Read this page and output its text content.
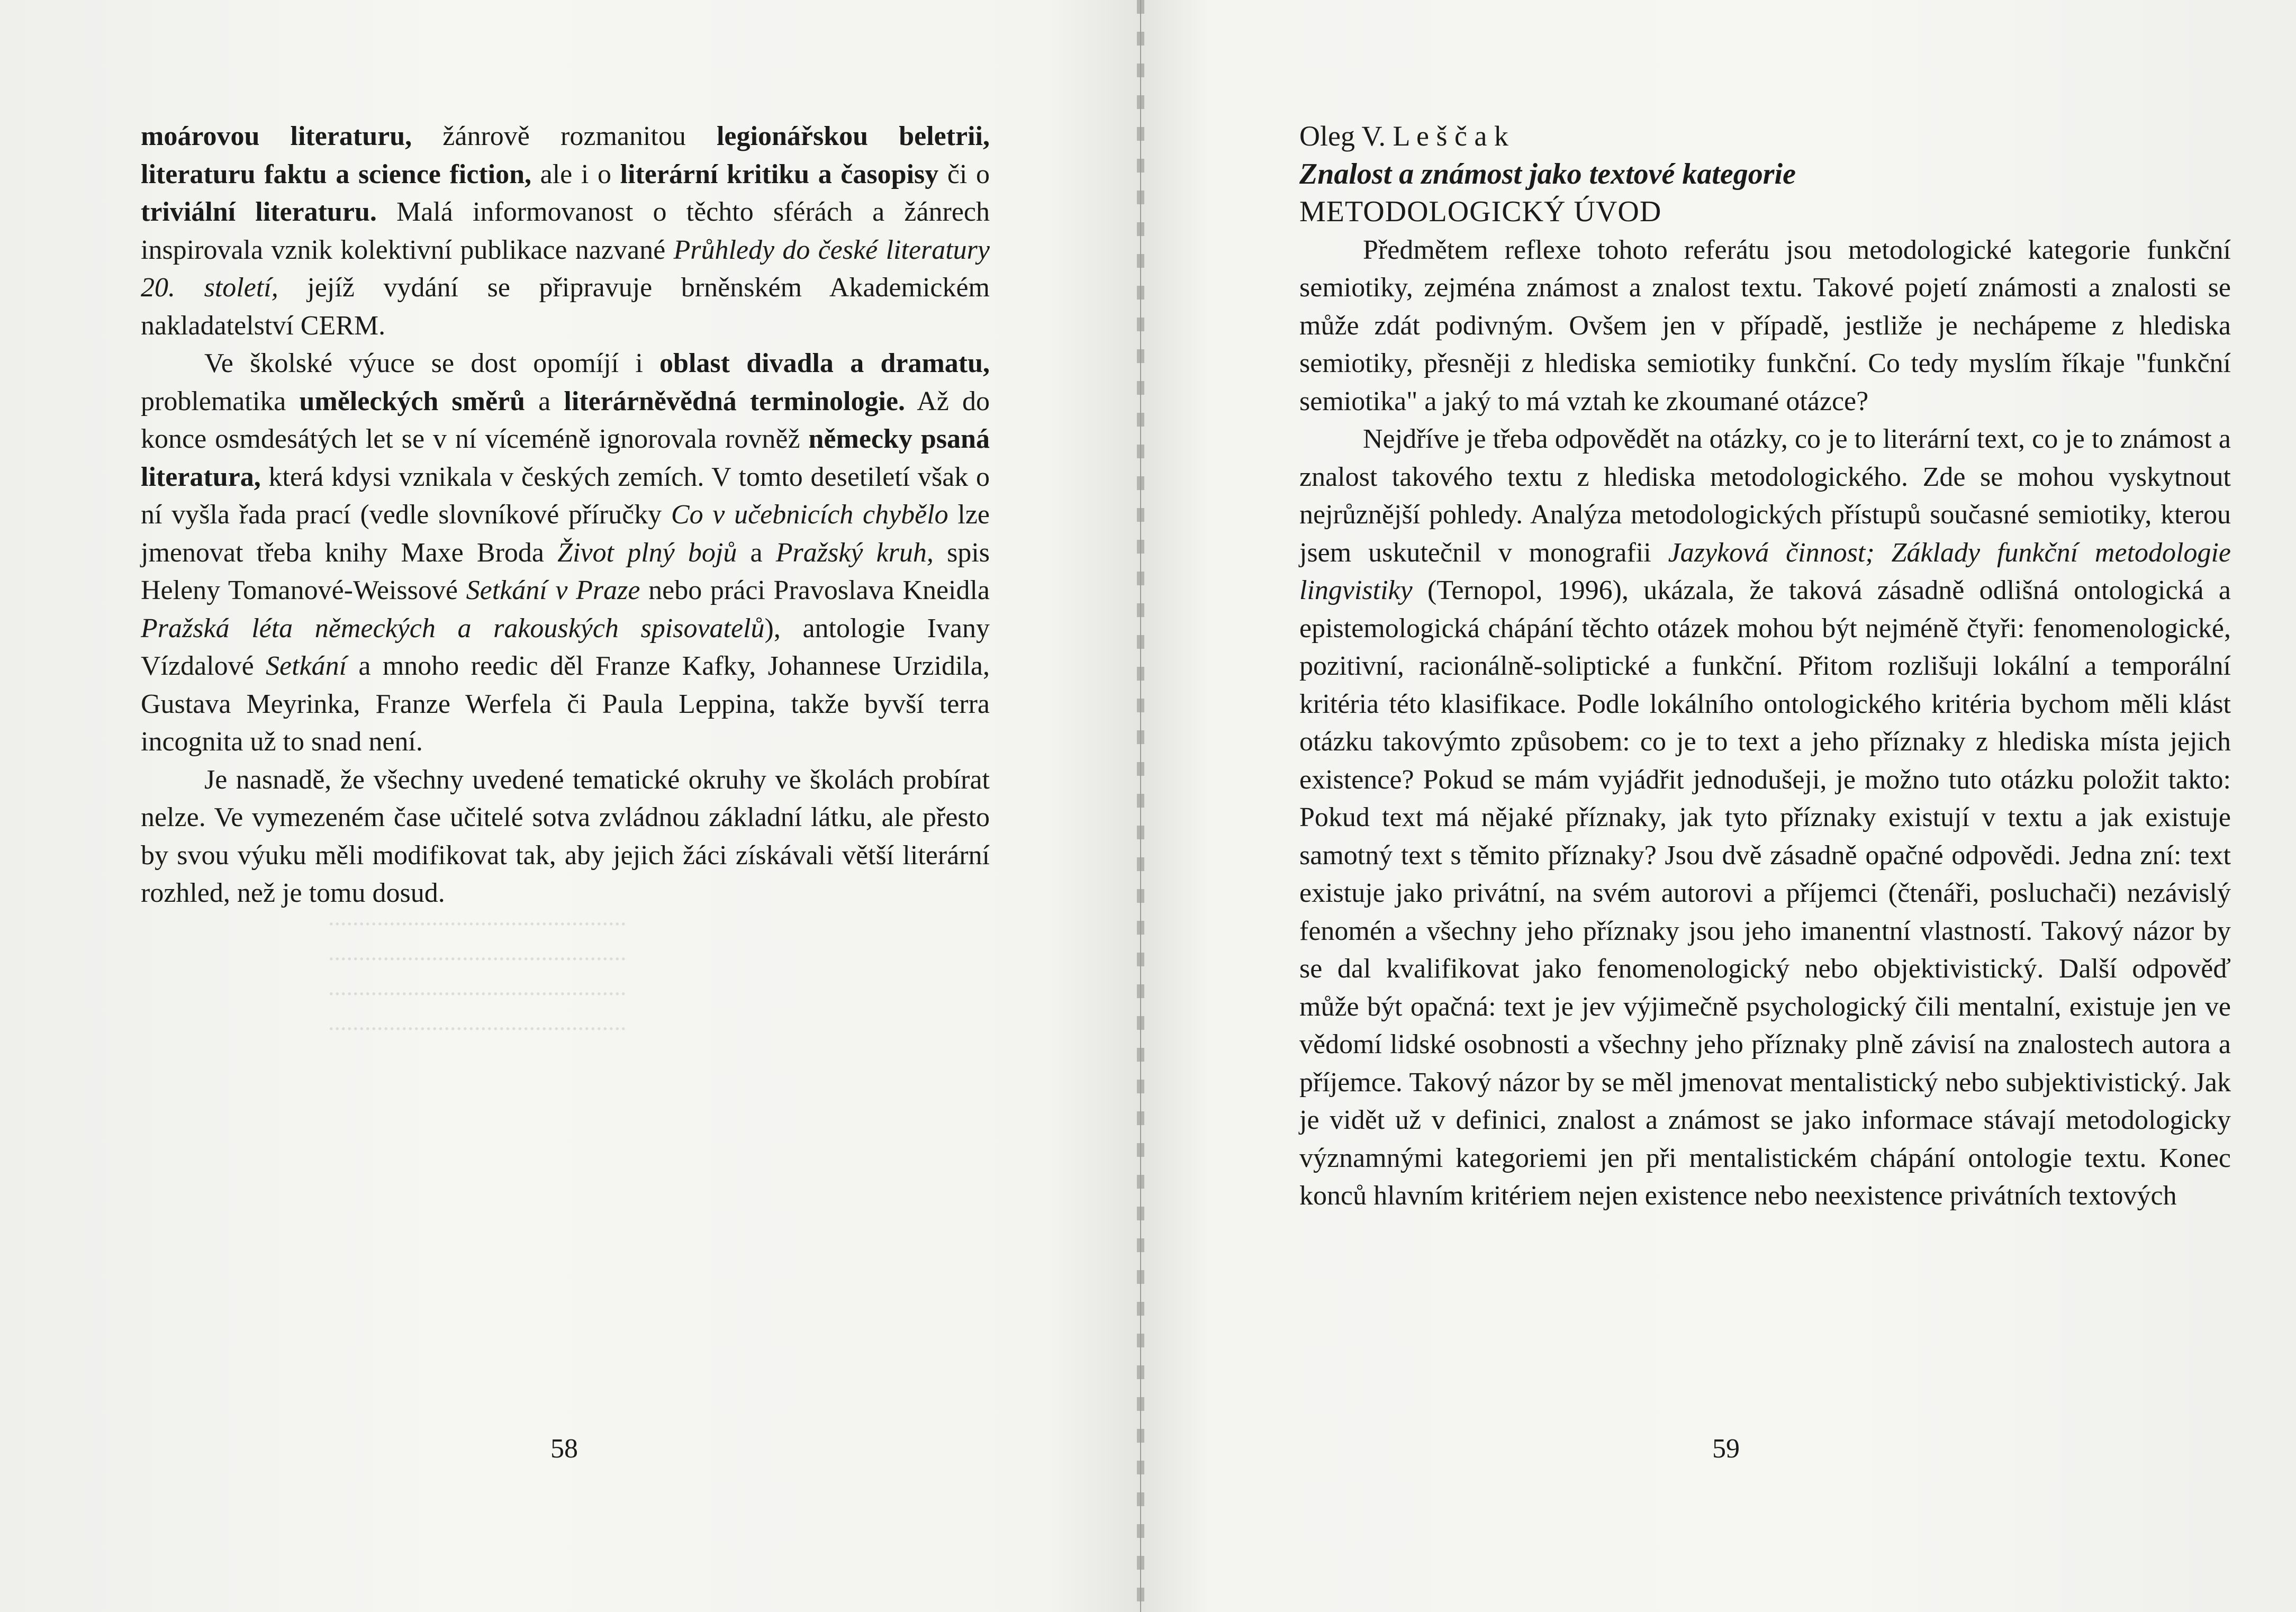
.................................................
.................................................
.................................................
.................................................

moárovou literaturu, žánrově rozmanitou legionářskou beletrii, literaturu faktu a science fiction, ale i o literární kritiku a časopisy či o triviální literaturu. Malá informovanost o těchto sférách a žánrech inspirovala vznik kolektivní publikace nazvané Průhledy do české literatury 20. století, jejíž vydání se připravuje brněnském Akademickém nakladatelství CERM.

Ve školské výuce se dost opomíjí i oblast divadla a dramatu, problematika uměleckých směrů a literárněvědná terminologie. Až do konce osmdesátých let se v ní víceméně ignorovala rovněž německy psaná literatura, která kdysi vznikala v českých zemích. V tomto desetiletí však o ní vyšla řada prací (vedle slovníkové příručky Co v učebnicích chybělo lze jmenovat třeba knihy Maxe Broda Život plný bojů a Pražský kruh, spis Heleny Tomanové-Weissové Setkání v Praze nebo práci Pravoslava Kneidla Pražská léta německých a rakouských spisovatelů), antologie Ivany Vízdalové Setkání a mnoho reedic děl Franze Kafky, Johannese Urzidila, Gustava Meyrinka, Franze Werfela či Paula Leppina, takže byvší terra incognita už to snad není.

Je nasnadě, že všechny uvedené tematické okruhy ve školách probírat nelze. Ve vymezeném čase učitelé sotva zvládnou základní látku, ale přesto by svou výuku měli modifikovat tak, aby jejich žáci získávali větší literární rozhled, než je tomu dosud.

58

Oleg V. L e š č a k

Znalost a známost jako textové kategorie

METODOLOGICKÝ ÚVOD

Předmětem reflexe tohoto referátu jsou metodologické kategorie funkční semiotiky, zejména známost a znalost textu. Takové pojetí známosti a znalosti se může zdát podivným. Ovšem jen v případě, jestliže je nechápeme z hlediska semiotiky, přesněji z hlediska semiotiky funkční. Co tedy myslím říkaje "funkční semiotika" a jaký to má vztah ke zkoumané otázce?

Nejdříve je třeba odpovědět na otázky, co je to literární text, co je to známost a znalost takového textu z hlediska metodologického. Zde se mohou vyskytnout nejrůznější pohledy. Analýza metodologických přístupů současné semiotiky, kterou jsem uskutečnil v monografii Jazyková činnost; Základy funkční metodologie lingvistiky (Ternopol, 1996), ukázala, že taková zásadně odlišná ontologická a epistemologická chápání těchto otázek mohou být nejméně čtyři: fenomenologické, pozitivní, racionálně-soliptické a funkční. Přitom rozlišuji lokální a temporální kritéria této klasifikace. Podle lokálního ontologického kritéria bychom měli klást otázku takovýmto způsobem: co je to text a jeho příznaky z hlediska místa jejich existence? Pokud se mám vyjádřit jednodušeji, je možno tuto otázku položit takto: Pokud text má nějaké příznaky, jak tyto příznaky existují v textu a jak existuje samotný text s těmito příznaky? Jsou dvě zásadně opačné odpovědi. Jedna zní: text existuje jako privátní, na svém autorovi a příjemci (čtenáři, posluchači) nezávislý fenomén a všechny jeho příznaky jsou jeho imanentní vlastností. Takový názor by se dal kvalifikovat jako fenomenologický nebo objektivistický. Další odpověď může být opačná: text je jev výjimečně psychologický čili mentalní, existuje jen ve vědomí lidské osobnosti a všechny jeho příznaky plně závisí na znalostech autora a příjemce. Takový názor by se měl jmenovat mentalistický nebo subjektivistický. Jak je vidět už v definici, znalost a známost se jako informace stávají metodologicky významnými kategoriemi jen při mentalistickém chápání ontologie textu. Konec konců hlavním kritériem nejen existence nebo neexistence privátních textových

59
